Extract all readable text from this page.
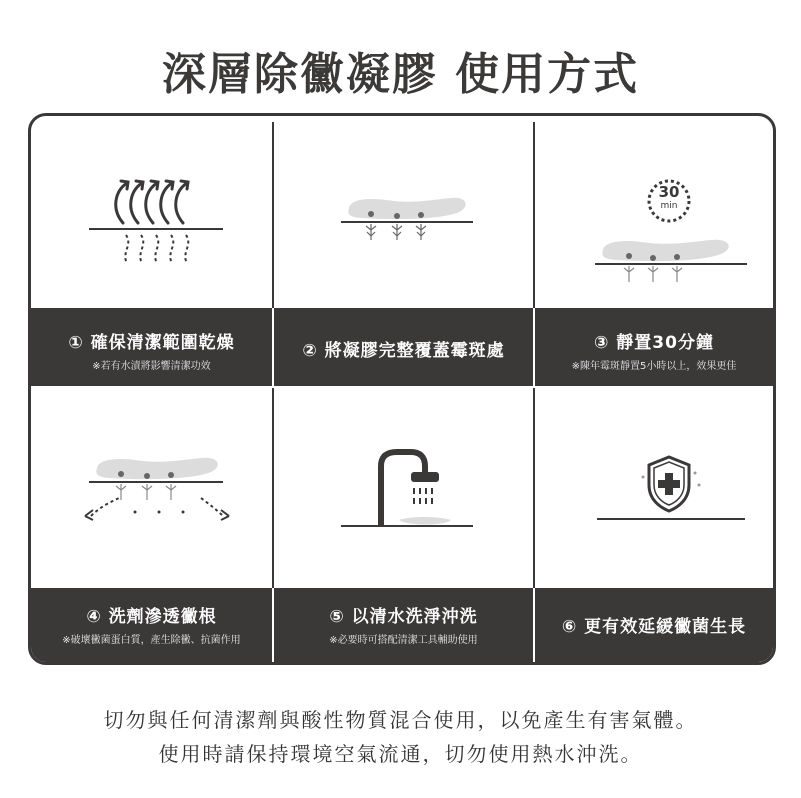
深層除黴凝膠 使用方式
30
min
① 確保清潔範圍乾燥
※若有水漬將影響清潔功效
② 將凝膠完整覆蓋霉斑處	③ 靜置30分鐘
※陳年霉斑靜置5小時以上，效果更佳
④ 洗劑滲透黴根
※破壞黴菌蛋白質，產生除黴、抗菌作用
⑤ 以清水洗淨沖洗
※必要時可搭配清潔工具輔助使用
⑥ 更有效延緩黴菌生長
切勿與任何清潔劑與酸性物質混合使用，以免產生有害氣體。
使用時請保持環境空氣流通，切勿使用熱水沖洗。
